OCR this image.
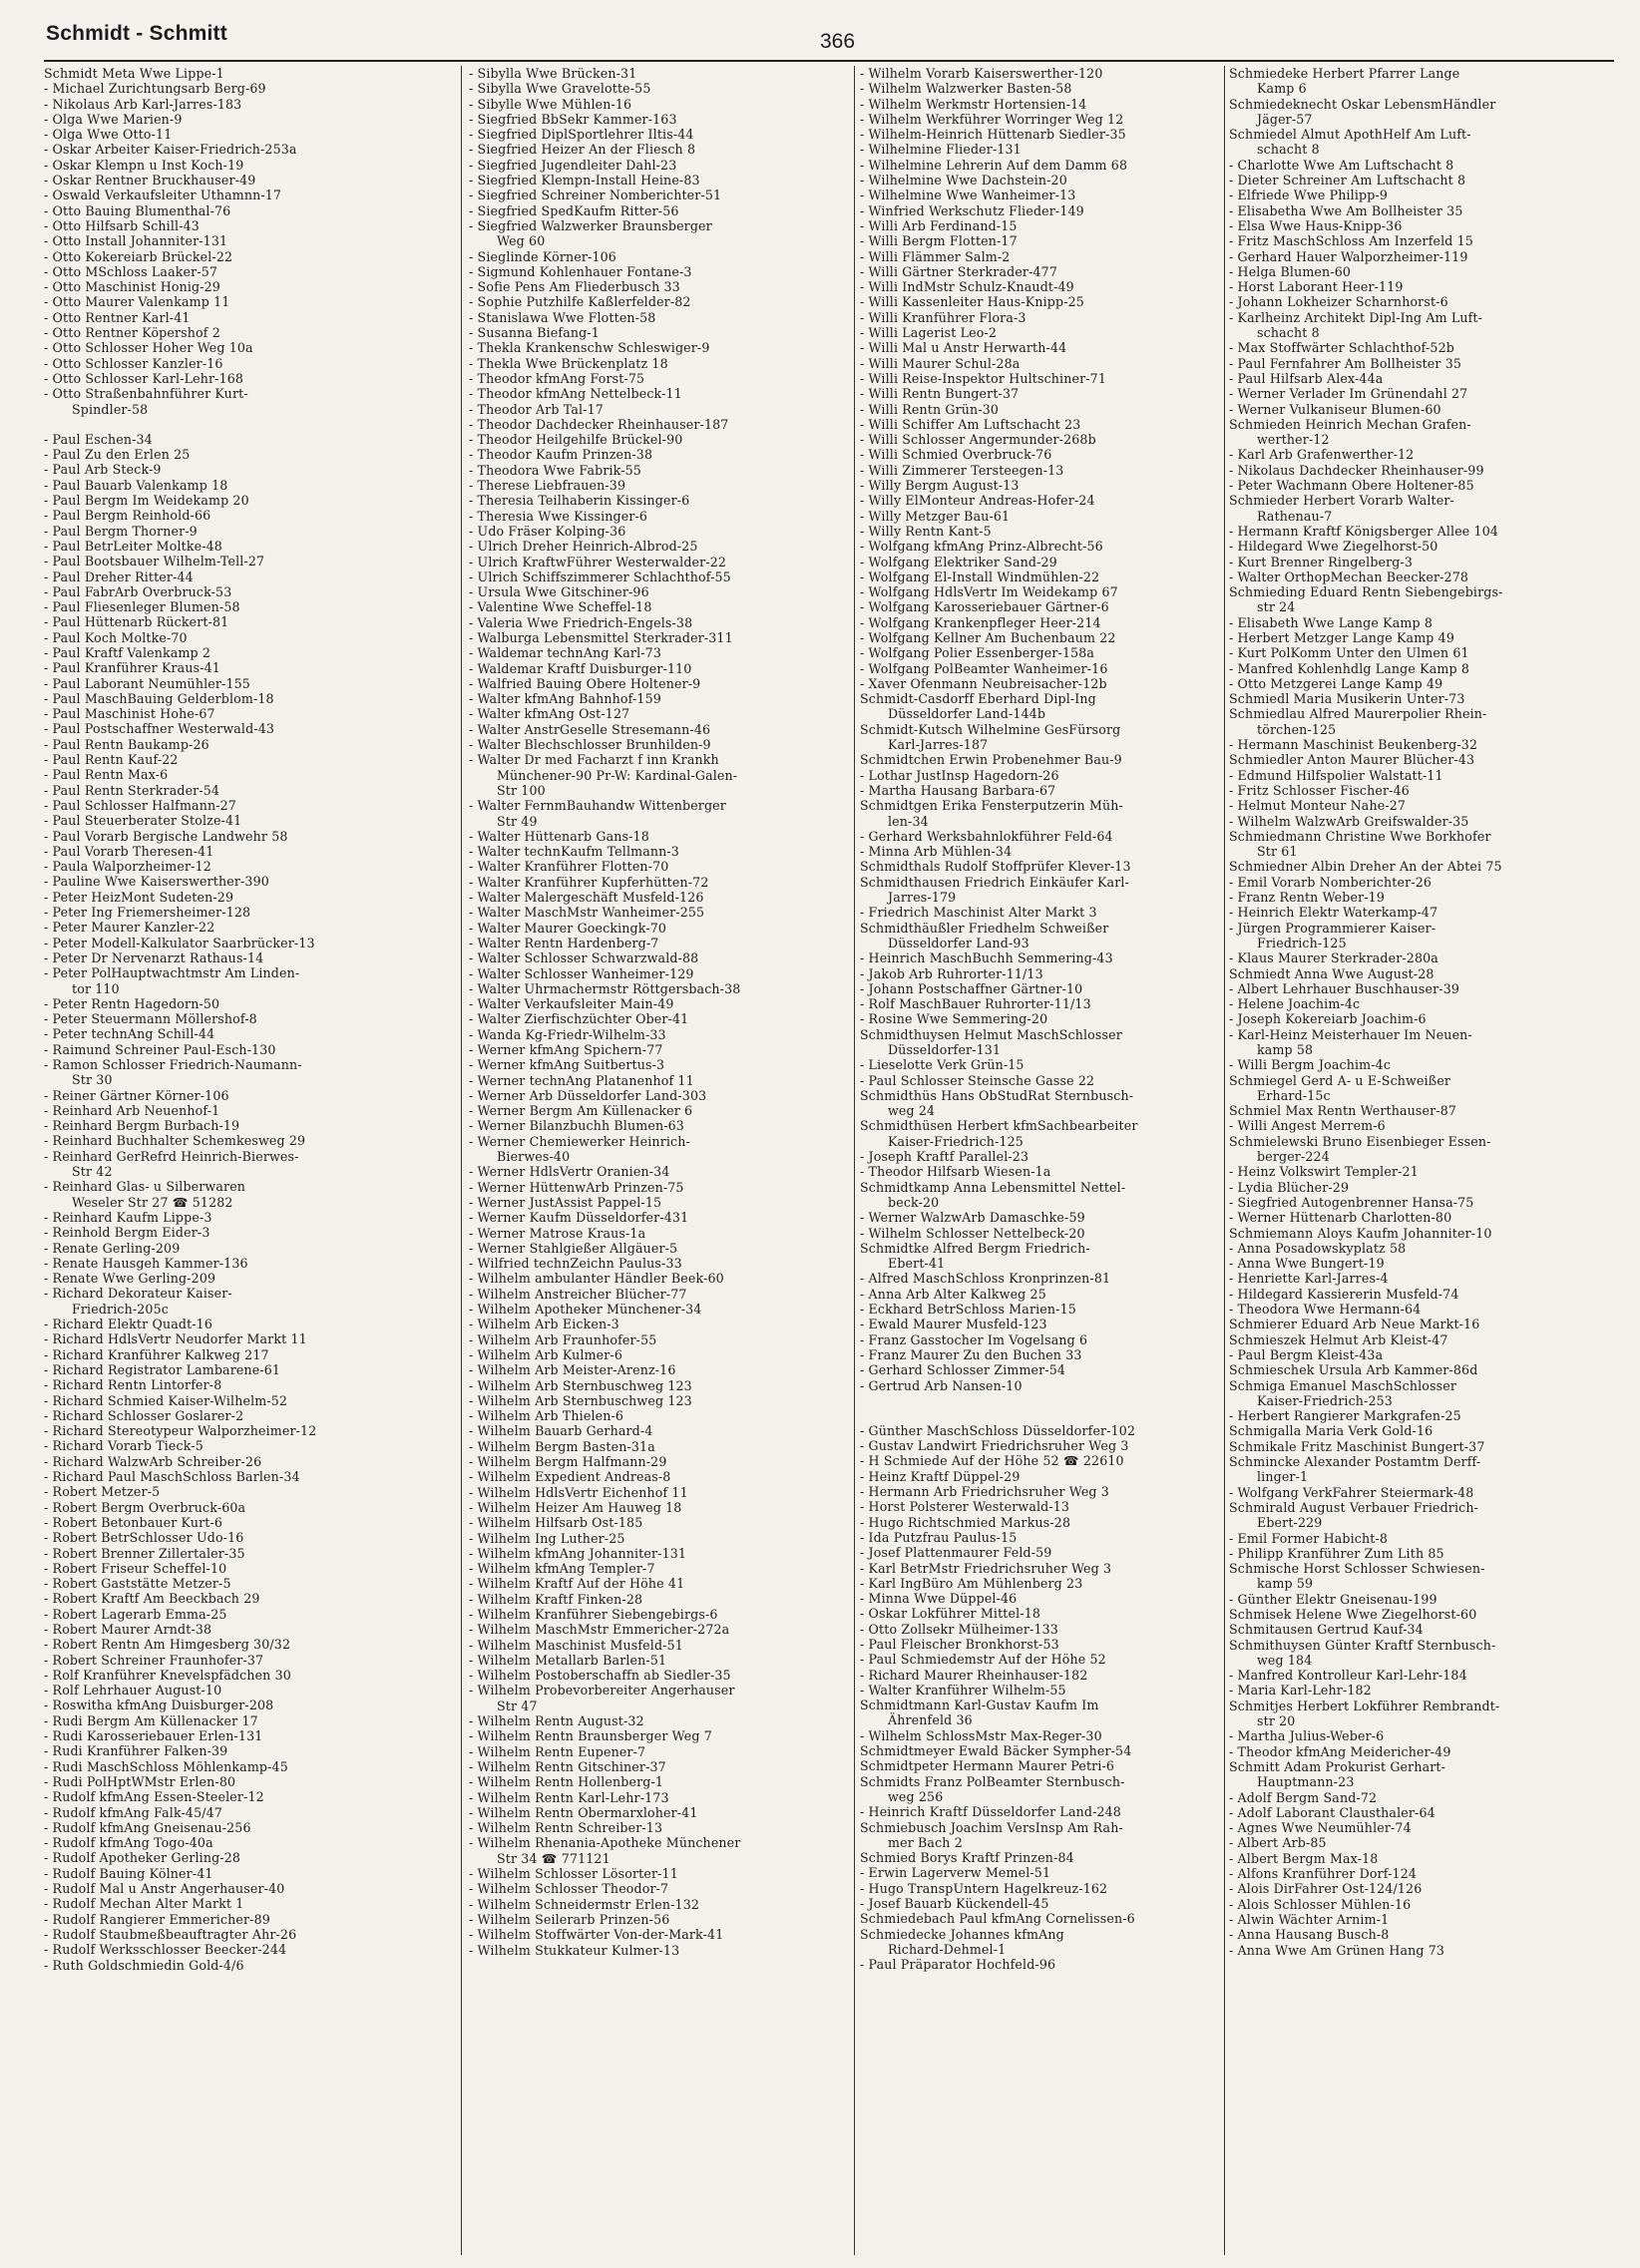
Schmidt - Schmitt	366
Schmidt Meta Wwe Lippe-1
- Michael Zurichtungsarb Berg-69
- Nikolaus Arb Karl-Jarres-183
- Olga Wwe Marien-9
- Olga Wwe Otto-11
- Oskar Arbeiter Kaiser-Friedrich-253a
- Oskar Klempn u Inst Koch-19
- Oskar Rentner Bruckhauser-49
- Oswald Verkaufsleiter Uthamnn-17
- Otto Bauing Blumenthal-76
- Otto Hilfsarb Schill-43
- Otto Install Johanniter-131
- Otto Kokereiarb Brückel-22
- Otto MSchloss Laaker-57
- Otto Maschinist Honig-29
- Otto Maurer Valenkamp 11
- Otto Rentner Karl-41
- Otto Rentner Köpershof 2
- Otto Schlosser Hoher Weg 10a
- Otto Schlosser Kanzler-16
- Otto Schlosser Karl-Lehr-168
- Otto Straßenbahnführer Kurt-
Spindler-58
- Paul Eschen-34
- Paul Zu den Erlen 25
- Paul Arb Steck-9
- Paul Bauarb Valenkamp 18
- Paul Bergm Im Weidekamp 20
- Paul Bergm Reinhold-66
- Paul Bergm Thorner-9
- Paul BetrLeiter Moltke-48
- Paul Bootsbauer Wilhelm-Tell-27
- Paul Dreher Ritter-44
- Paul FabrArb Overbruck-53
- Paul Fliesenleger Blumen-58
- Paul Hüttenarb Rückert-81
- Paul Koch Moltke-70
- Paul Kraftf Valenkamp 2
- Paul Kranführer Kraus-41
- Paul Laborant Neumühler-155
- Paul MaschBauing Gelderblom-18
- Paul Maschinist Hohe-67
- Paul Postschaffner Westerwald-43
- Paul Rentn Baukamp-26
- Paul Rentn Kauf-22
- Paul Rentn Max-6
- Paul Rentn Sterkrader-54
- Paul Schlosser Halfmann-27
- Paul Steuerberater Stolze-41
- Paul Vorarb Bergische Landwehr 58
- Paul Vorarb Theresen-41
- Paula Walporzheimer-12
- Pauline Wwe Kaiserswerther-390
- Peter HeizMont Sudeten-29
- Peter Ing Friemersheimer-128
- Peter Maurer Kanzler-22
- Peter Modell-Kalkulator Saarbrücker-13
- Peter Dr Nervenarzt Rathaus-14
- Peter PolHauptwachtmstr Am Linden-
tor 110
- Peter Rentn Hagedorn-50
- Peter Steuermann Möllershof-8
- Peter technAng Schill-44
- Raimund Schreiner Paul-Esch-130
- Ramon Schlosser Friedrich-Naumann-
Str 30
- Reiner Gärtner Körner-106
- Reinhard Arb Neuenhof-1
- Reinhard Bergm Burbach-19
- Reinhard Buchhalter Schemkesweg 29
- Reinhard GerRefrd Heinrich-Bierwes-
Str 42
- Reinhard Glas- u Silberwaren
Weseler Str 27 ☎ 51282
- Reinhard Kaufm Lippe-3
- Reinhold Bergm Eider-3
- Renate Gerling-209
- Renate Hausgeh Kammer-136
- Renate Wwe Gerling-209
- Richard Dekorateur Kaiser-
Friedrich-205c
- Richard Elektr Quadt-16
- Richard HdlsVertr Neudorfer Markt 11
- Richard Kranführer Kalkweg 217
- Richard Registrator Lambarene-61
- Richard Rentn Lintorfer-8
- Richard Schmied Kaiser-Wilhelm-52
- Richard Schlosser Goslarer-2
- Richard Stereotypeur Walporzheimer-12
- Richard Vorarb Tieck-5
- Richard WalzwArb Schreiber-26
- Richard Paul MaschSchloss Barlen-34
- Robert Metzer-5
- Robert Bergm Overbruck-60a
- Robert Betonbauer Kurt-6
- Robert BetrSchlosser Udo-16
- Robert Brenner Zillertaler-35
- Robert Friseur Scheffel-10
- Robert Gaststätte Metzer-5
- Robert Kraftf Am Beeckbach 29
- Robert Lagerarb Emma-25
- Robert Maurer Arndt-38
- Robert Rentn Am Himgesberg 30/32
- Robert Schreiner Fraunhofer-37
- Rolf Kranführer Knevelspfädchen 30
- Rolf Lehrhauer August-10
- Roswitha kfmAng Duisburger-208
- Rudi Bergm Am Küllenacker 17
- Rudi Karosseriebauer Erlen-131
- Rudi Kranführer Falken-39
- Rudi MaschSchloss Möhlenkamp-45
- Rudi PolHptWMstr Erlen-80
- Rudolf kfmAng Essen-Steeler-12
- Rudolf kfmAng Falk-45/47
- Rudolf kfmAng Gneisenau-256
- Rudolf kfmAng Togo-40a
- Rudolf Apotheker Gerling-28
- Rudolf Bauing Kölner-41
- Rudolf Mal u Anstr Angerhauser-40
- Rudolf Mechan Alter Markt 1
- Rudolf Rangierer Emmericher-89
- Rudolf Staubmeßbeauftragter Ahr-26
- Rudolf Werksschlosser Beecker-244
- Ruth Goldschmiedin Gold-4/6
- Sibylla Wwe Brücken-31
- Sibylla Wwe Gravelotte-55
- Sibylle Wwe Mühlen-16
- Siegfried BbSekr Kammer-163
- Siegfried DiplSportlehrer Iltis-44
- Siegfried Heizer An der Fliesch 8
- Siegfried Jugendleiter Dahl-23
- Siegfried Klempn-Install Heine-83
- Siegfried Schreiner Nomberichter-51
- Siegfried SpedKaufm Ritter-56
- Siegfried Walzwerker Braunsberger
Weg 60
- Sieglinde Körner-106
- Sigmund Kohlenhauer Fontane-3
- Sofie Pens Am Fliederbusch 33
- Sophie Putzhilfe Kaßlerfelder-82
- Stanislawa Wwe Flotten-58
- Susanna Biefang-1
- Thekla Krankenschw Schleswiger-9
- Thekla Wwe Brückenplatz 18
- Theodor kfmAng Forst-75
- Theodor kfmAng Nettelbeck-11
- Theodor Arb Tal-17
- Theodor Dachdecker Rheinhauser-187
- Theodor Heilgehilfe Brückel-90
- Theodor Kaufm Prinzen-38
- Theodora Wwe Fabrik-55
- Therese Liebfrauen-39
- Theresia Teilhaberin Kissinger-6
- Theresia Wwe Kissinger-6
- Udo Fräser Kolping-36
- Ulrich Dreher Heinrich-Albrod-25
- Ulrich KraftwFührer Westerwalder-22
- Ulrich Schiffszimmerer Schlachthof-55
- Ursula Wwe Gitschiner-96
- Valentine Wwe Scheffel-18
- Valeria Wwe Friedrich-Engels-38
- Walburga Lebensmittel Sterkrader-311
- Waldemar technAng Karl-73
- Waldemar Kraftf Duisburger-110
- Walfried Bauing Obere Holtener-9
- Walter kfmAng Bahnhof-159
- Walter kfmAng Ost-127
- Walter AnstrGeselle Stresemann-46
- Walter Blechschlosser Brunhilden-9
- Walter Dr med Facharzt f inn Krankh
Münchener-90 Pr-W: Kardinal-Galen-
Str 100
- Walter FernmBauhandw Wittenberger
Str 49
- Walter Hüttenarb Gans-18
- Walter technKaufm Tellmann-3
- Walter Kranführer Flotten-70
- Walter Kranführer Kupferhütten-72
- Walter Malergeschäft Musfeld-126
- Walter MaschMstr Wanheimer-255
- Walter Maurer Goeckingk-70
- Walter Rentn Hardenberg-7
- Walter Schlosser Schwarzwald-88
- Walter Schlosser Wanheimer-129
- Walter Uhrmachermstr Röttgersbach-38
- Walter Verkaufsleiter Main-49
- Walter Zierfischzüchter Ober-41
- Wanda Kg-Friedr-Wilhelm-33
- Werner kfmAng Spichern-77
- Werner kfmAng Suitbertus-3
- Werner technAng Platanenhof 11
- Werner Arb Düsseldorfer Land-303
- Werner Bergm Am Küllenacker 6
- Werner Bilanzbuchh Blumen-63
- Werner Chemiewerker Heinrich-
Bierwes-40
- Werner HdlsVertr Oranien-34
- Werner HüttenwArb Prinzen-75
- Werner JustAssist Pappel-15
- Werner Kaufm Düsseldorfer-431
- Werner Matrose Kraus-1a
- Werner Stahlgießer Allgäuer-5
- Wilfried technZeichn Paulus-33
- Wilhelm ambulanter Händler Beek-60
- Wilhelm Anstreicher Blücher-77
- Wilhelm Apotheker Münchener-34
- Wilhelm Arb Eicken-3
- Wilhelm Arb Fraunhofer-55
- Wilhelm Arb Kulmer-6
- Wilhelm Arb Meister-Arenz-16
- Wilhelm Arb Sternbuschweg 123
- Wilhelm Arb Sternbuschweg 123
- Wilhelm Arb Thielen-6
- Wilhelm Bauarb Gerhard-4
- Wilhelm Bergm Basten-31a
- Wilhelm Bergm Halfmann-29
- Wilhelm Expedient Andreas-8
- Wilhelm HdlsVertr Eichenhof 11
- Wilhelm Heizer Am Hauweg 18
- Wilhelm Hilfsarb Ost-185
- Wilhelm Ing Luther-25
- Wilhelm kfmAng Johanniter-131
- Wilhelm kfmAng Templer-7
- Wilhelm Kraftf Auf der Höhe 41
- Wilhelm Kraftf Finken-28
- Wilhelm Kranführer Siebengebirgs-6
- Wilhelm MaschMstr Emmericher-272a
- Wilhelm Maschinist Musfeld-51
- Wilhelm Metallarb Barlen-51
- Wilhelm Postoberschaffn ab Siedler-35
- Wilhelm Probevorbereiter Angerhauser
Str 47
- Wilhelm Rentn August-32
- Wilhelm Rentn Braunsberger Weg 7
- Wilhelm Rentn Eupener-7
- Wilhelm Rentn Gitschiner-37
- Wilhelm Rentn Hollenberg-1
- Wilhelm Rentn Karl-Lehr-173
- Wilhelm Rentn Obermarxloher-41
- Wilhelm Rentn Schreiber-13
- Wilhelm Rhenania-Apotheke Münchener
Str 34 ☎ 771121
- Wilhelm Schlosser Lösorter-11
- Wilhelm Schlosser Theodor-7
- Wilhelm Schneidermstr Erlen-132
- Wilhelm Seilerarb Prinzen-56
- Wilhelm Stoffwärter Von-der-Mark-41
- Wilhelm Stukkateur Kulmer-13
- Wilhelm Vorarb Kaiserswerther-120
- Wilhelm Walzwerker Basten-58
- Wilhelm Werkmstr Hortensien-14
- Wilhelm Werkführer Worringer Weg 12
- Wilhelm-Heinrich Hüttenarb Siedler-35
- Wilhelmine Flieder-131
- Wilhelmine Lehrerin Auf dem Damm 68
- Wilhelmine Wwe Dachstein-20
- Wilhelmine Wwe Wanheimer-13
- Winfried Werkschutz Flieder-149
- Willi Arb Ferdinand-15
- Willi Bergm Flotten-17
- Willi Flämmer Salm-2
- Willi Gärtner Sterkrader-477
- Willi IndMstr Schulz-Knaudt-49
- Willi Kassenleiter Haus-Knipp-25
- Willi Kranführer Flora-3
- Willi Lagerist Leo-2
- Willi Mal u Anstr Herwarth-44
- Willi Maurer Schul-28a
- Willi Reise-Inspektor Hultschiner-71
- Willi Rentn Bungert-37
- Willi Rentn Grün-30
- Willi Schiffer Am Luftschacht 23
- Willi Schlosser Angermunder-268b
- Willi Schmied Overbruck-76
- Willi Zimmerer Tersteegen-13
- Willy Bergm August-13
- Willy ElMonteur Andreas-Hofer-24
- Willy Metzger Bau-61
- Willy Rentn Kant-5
- Wolfgang kfmAng Prinz-Albrecht-56
- Wolfgang Elektriker Sand-29
- Wolfgang El-Install Windmühlen-22
- Wolfgang HdlsVertr Im Weidekamp 67
- Wolfgang Karosseriebauer Gärtner-6
- Wolfgang Krankenpfleger Heer-214
- Wolfgang Kellner Am Buchenbaum 22
- Wolfgang Polier Essenberger-158a
- Wolfgang PolBeamter Wanheimer-16
- Xaver Ofenmann Neubreisacher-12b
Schmidt-Casdorff Eberhard Dipl-Ing
Düsseldorfer Land-144b
Schmidt-Kutsch Wilhelmine GesFürsorg
Karl-Jarres-187
Schmidtchen Erwin Probenehmer Bau-9
- Lothar JustInsp Hagedorn-26
- Martha Hausang Barbara-67
Schmidtgen Erika Fensterputzerin Müh-
len-34
- Gerhard Werksbahnlokführer Feld-64
- Minna Arb Mühlen-34
Schmidthals Rudolf Stoffprüfer Klever-13
Schmidthausen Friedrich Einkäufer Karl-
Jarres-179
- Friedrich Maschinist Alter Markt 3
Schmidthäußler Friedhelm Schweißer
Düsseldorfer Land-93
- Heinrich MaschBuchh Semmering-43
- Jakob Arb Ruhrorter-11/13
- Johann Postschaffner Gärtner-10
- Rolf MaschBauer Ruhrorter-11/13
- Rosine Wwe Semmering-20
Schmidthuysen Helmut MaschSchlosser
Düsseldorfer-131
- Lieselotte Verk Grün-15
- Paul Schlosser Steinsche Gasse 22
Schmidthüs Hans ObStudRat Sternbusch-
weg 24
Schmidthüsen Herbert kfmSachbearbeiter
Kaiser-Friedrich-125
- Joseph Kraftf Parallel-23
- Theodor Hilfsarb Wiesen-1a
Schmidtkamp Anna Lebensmittel Nettel-
beck-20
- Werner WalzwArb Damaschke-59
- Wilhelm Schlosser Nettelbeck-20
Schmidtke Alfred Bergm Friedrich-
Ebert-41
- Alfred MaschSchloss Kronprinzen-81
- Anna Arb Alter Kalkweg 25
- Eckhard BetrSchloss Marien-15
- Ewald Maurer Musfeld-123
- Franz Gasstocher Im Vogelsang 6
- Franz Maurer Zu den Buchen 33
- Gerhard Schlosser Zimmer-54
- Gertrud Arb Nansen-10
- Günther MaschSchloss Düsseldorfer-102
- Gustav Landwirt Friedrichsruher Weg 3
- H Schmiede Auf der Höhe 52 ☎ 22610
- Heinz Kraftf Düppel-29
- Hermann Arb Friedrichsruher Weg 3
- Horst Polsterer Westerwald-13
- Hugo Richtschmied Markus-28
- Ida Putzfrau Paulus-15
- Josef Plattenmaurer Feld-59
- Karl BetrMstr Friedrichsruher Weg 3
- Karl IngBüro Am Mühlenberg 23
- Minna Wwe Düppel-46
- Oskar Lokführer Mittel-18
- Otto Zollsekr Mülheimer-133
- Paul Fleischer Bronkhorst-53
- Paul Schmiedemstr Auf der Höhe 52
- Richard Maurer Rheinhauser-182
- Walter Kranführer Wilhelm-55
Schmidtmann Karl-Gustav Kaufm Im
Ährenfeld 36
- Wilhelm SchlossMstr Max-Reger-30
Schmidtmeyer Ewald Bäcker Sympher-54
Schmidtpeter Hermann Maurer Petri-6
Schmidts Franz PolBeamter Sternbusch-
weg 256
- Heinrich Kraftf Düsseldorfer Land-248
Schmiebusch Joachim VersInsp Am Rah-
mer Bach 2
Schmied Borys Kraftf Prinzen-84
- Erwin Lagerverw Memel-51
- Hugo TranspUntern Hagelkreuz-162
- Josef Bauarb Kückendell-45
Schmiedebach Paul kfmAng Cornelissen-6
Schmiedecke Johannes kfmAng
Richard-Dehmel-1
- Paul Präparator Hochfeld-96
Schmiedeke Herbert Pfarrer Lange
Kamp 6
Schmiedeknecht Oskar LebensmHändler
Jäger-57
Schmiedel Almut ApothHelf Am Luft-
schacht 8
- Charlotte Wwe Am Luftschacht 8
- Dieter Schreiner Am Luftschacht 8
- Elfriede Wwe Philipp-9
- Elisabetha Wwe Am Bollheister 35
- Elsa Wwe Haus-Knipp-36
- Fritz MaschSchloss Am Inzerfeld 15
- Gerhard Hauer Walporzheimer-119
- Helga Blumen-60
- Horst Laborant Heer-119
- Johann Lokheizer Scharnhorst-6
- Karlheinz Architekt Dipl-Ing Am Luft-
schacht 8
- Max Stoffwärter Schlachthof-52b
- Paul Fernfahrer Am Bollheister 35
- Paul Hilfsarb Alex-44a
- Werner Verlader Im Grünendahl 27
- Werner Vulkaniseur Blumen-60
Schmieden Heinrich Mechan Grafen-
werther-12
- Karl Arb Grafenwerther-12
- Nikolaus Dachdecker Rheinhauser-99
- Peter Wachmann Obere Holtener-85
Schmieder Herbert Vorarb Walter-
Rathenau-7
- Hermann Kraftf Königsberger Allee 104
- Hildegard Wwe Ziegelhorst-50
- Kurt Brenner Ringelberg-3
- Walter OrthopMechan Beecker-278
Schmieding Eduard Rentn Siebengebirgs-
str 24
- Elisabeth Wwe Lange Kamp 8
- Herbert Metzger Lange Kamp 49
- Kurt PolKomm Unter den Ulmen 61
- Manfred Kohlenhdlg Lange Kamp 8
- Otto Metzgerei Lange Kamp 49
Schmiedl Maria Musikerin Unter-73
Schmiedlau Alfred Maurerpolier Rhein-
törchen-125
- Hermann Maschinist Beukenberg-32
Schmiedler Anton Maurer Blücher-43
- Edmund Hilfspolier Walstatt-11
- Fritz Schlosser Fischer-46
- Helmut Monteur Nahe-27
- Wilhelm WalzwArb Greifswalder-35
Schmiedmann Christine Wwe Borkhofer
Str 61
Schmiedner Albin Dreher An der Abtei 75
- Emil Vorarb Nomberichter-26
- Franz Rentn Weber-19
- Heinrich Elektr Waterkamp-47
- Jürgen Programmierer Kaiser-
Friedrich-125
- Klaus Maurer Sterkrader-280a
Schmiedt Anna Wwe August-28
- Albert Lehrhauer Buschhauser-39
- Helene Joachim-4c
- Joseph Kokereiarb Joachim-6
- Karl-Heinz Meisterhauer Im Neuen-
kamp 58
- Willi Bergm Joachim-4c
Schmiegel Gerd A- u E-Schweißer
Erhard-15c
Schmiel Max Rentn Werthauser-87
- Willi Angest Merrem-6
Schmielewski Bruno Eisenbieger Essen-
berger-224
- Heinz Volkswirt Templer-21
- Lydia Blücher-29
- Siegfried Autogenbrenner Hansa-75
- Werner Hüttenarb Charlotten-80
Schmiemann Aloys Kaufm Johanniter-10
- Anna Posadowskyplatz 58
- Anna Wwe Bungert-19
- Henriette Karl-Jarres-4
- Hildegard Kassiererin Musfeld-74
- Theodora Wwe Hermann-64
Schmierer Eduard Arb Neue Markt-16
Schmieszek Helmut Arb Kleist-47
- Paul Bergm Kleist-43a
Schmieschek Ursula Arb Kammer-86d
Schmiga Emanuel MaschSchlosser
Kaiser-Friedrich-253
- Herbert Rangierer Markgrafen-25
Schmigalla Maria Verk Gold-16
Schmikale Fritz Maschinist Bungert-37
Schmincke Alexander Postamtm Derff-
linger-1
- Wolfgang VerkFahrer Steiermark-48
Schmirald August Verbauer Friedrich-
Ebert-229
- Emil Former Habicht-8
- Philipp Kranführer Zum Lith 85
Schmische Horst Schlosser Schwiesen-
kamp 59
- Günther Elektr Gneisenau-199
Schmisek Helene Wwe Ziegelhorst-60
Schmitausen Gertrud Kauf-34
Schmithuysen Günter Kraftf Sternbusch-
weg 184
- Manfred Kontrolleur Karl-Lehr-184
- Maria Karl-Lehr-182
Schmitjes Herbert Lokführer Rembrandt-
str 20
- Martha Julius-Weber-6
- Theodor kfmAng Meidericher-49
Schmitt Adam Prokurist Gerhart-
Hauptmann-23
- Adolf Bergm Sand-72
- Adolf Laborant Clausthaler-64
- Agnes Wwe Neumühler-74
- Albert Arb-85
- Albert Bergm Max-18
- Alfons Kranführer Dorf-124
- Alois DirFahrer Ost-124/126
- Alois Schlosser Mühlen-16
- Alwin Wächter Arnim-1
- Anna Hausang Busch-8
- Anna Wwe Am Grünen Hang 73
